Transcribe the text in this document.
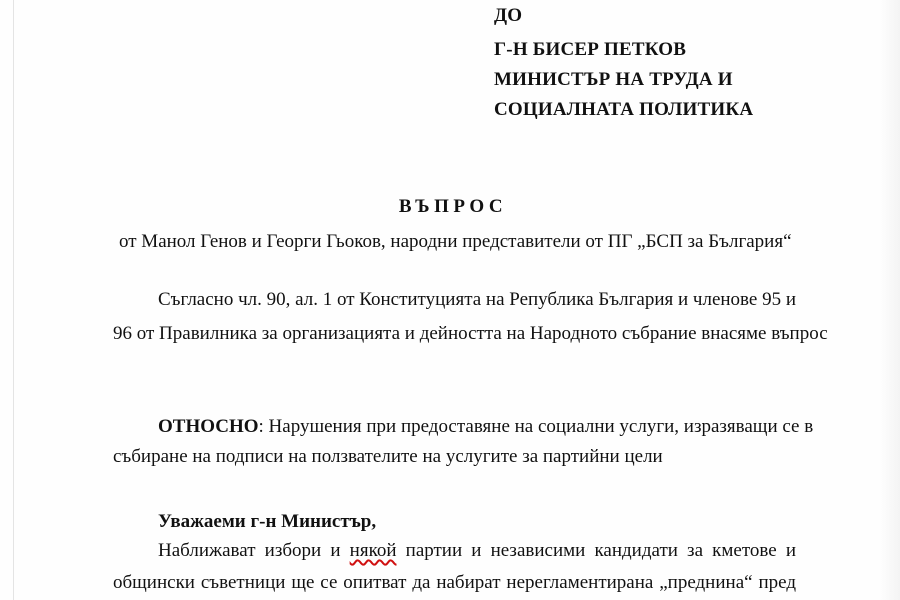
ДО
Г-Н БИСЕР ПЕТКОВ
МИНИСТЪР НА ТРУДА И
СОЦИАЛНАТА ПОЛИТИКА
ВЪПРОС
от Манол Генов и Георги Гьоков, народни представители от ПГ „БСП за България“
Съгласно чл. 90, ал. 1 от Конституцията на Република България и членове 95 и
96 от Правилника за организацията и дейността на Народното събрание внасяме въпрос
ОТНОСНО: Нарушения при предоставяне на социални услуги, изразяващи се в
събиране на подписи на ползвателите на услугите за партийни цели
Уважаеми г-н Министър,
Наближават избори и някой партии и независими кандидати за кметове и
общински съветници ще се опитват да набират нерегламентирана „преднина“ пред
